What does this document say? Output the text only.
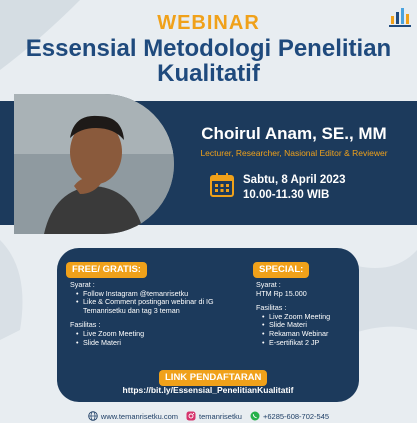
WEBINAR
Essensial Metodologi Penelitian
Kualitatif
Choirul Anam, SE., MM
Lecturer, Researcher, Nasional Editor & Reviewer
Sabtu, 8 April 2023
10.00-11.30 WIB
FREE/ GRATIS:	SPECIAL:
Syarat :
• Follow Instagram @temanrisetku
• Like & Comment postingan webinar di IG Temanrisetku dan tag 3 teman
Fasilitas :
• Live Zoom Meeting
• Slide Materi
Syarat :
HTM Rp 15.000
Fasilitas :
• Live Zoom Meeting
• Slide Materi
• Rekaman Webinar
• E-sertifikat 2 JP
LINK PENDAFTARAN
https://bit.ly/Essensial_PenelitianKualitatif
www.temanrisetku.com	temanrisetku	+6285-608-702-545
